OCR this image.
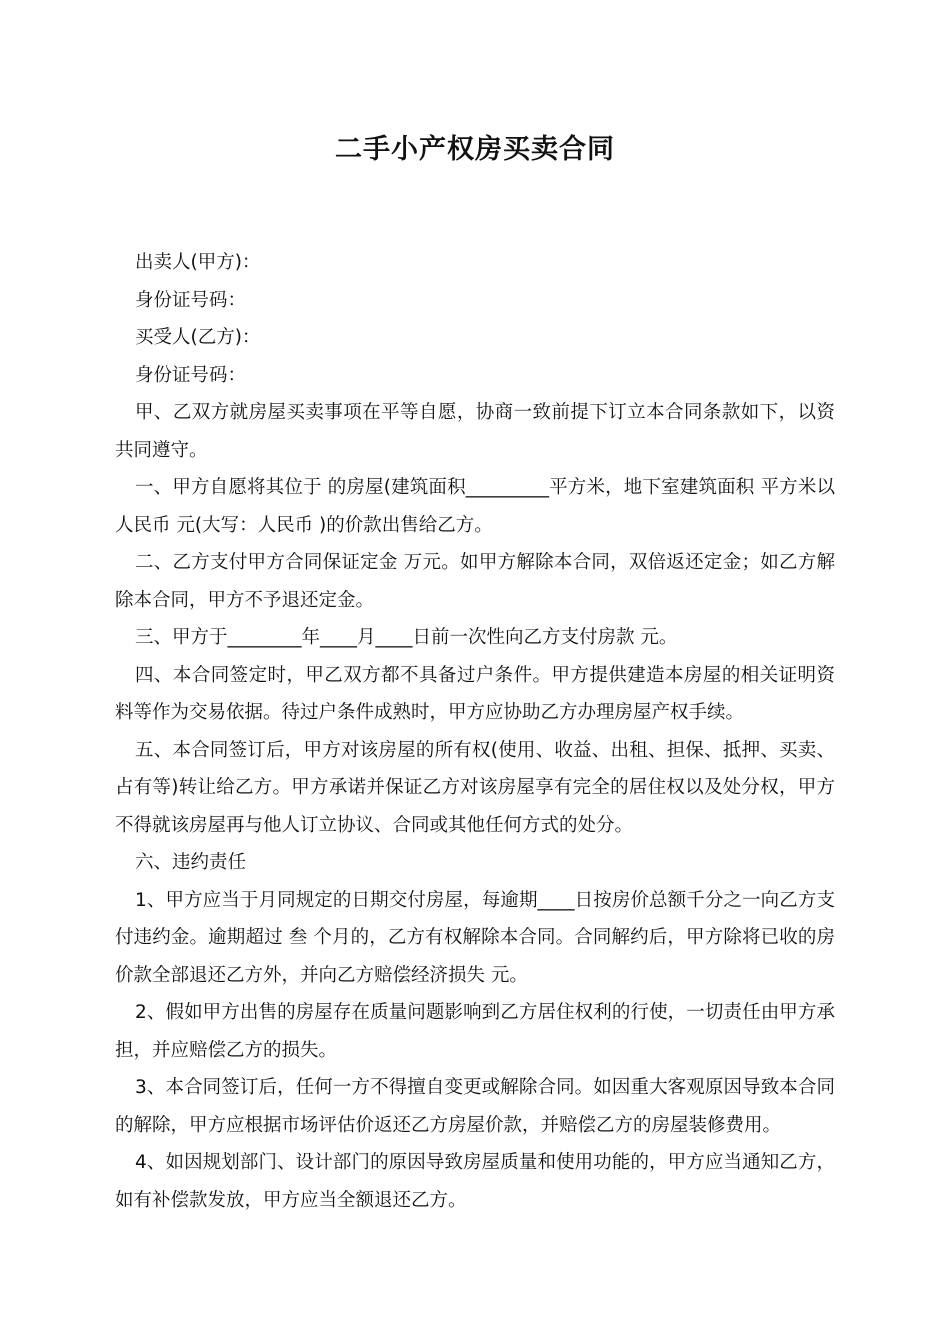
二手小产权房买卖合同

出卖人(甲方)：

身份证号码：

买受人(乙方)：

身份证号码：

甲、乙双方就房屋买卖事项在平等自愿，协商一致前提下订立本合同条款如下，以资共同遵守。

一、甲方自愿将其位于 的房屋(建筑面积_________平方米，地下室建筑面积 平方米以人民币 元(大写：人民币 )的价款出售给乙方。

二、乙方支付甲方合同保证定金 万元。如甲方解除本合同，双倍返还定金；如乙方解除本合同，甲方不予退还定金。

三、甲方于________年____月____日前一次性向乙方支付房款 元。

四、本合同签定时，甲乙双方都不具备过户条件。甲方提供建造本房屋的相关证明资料等作为交易依据。待过户条件成熟时，甲方应协助乙方办理房屋产权手续。

五、本合同签订后，甲方对该房屋的所有权(使用、收益、出租、担保、抵押、买卖、占有等)转让给乙方。甲方承诺并保证乙方对该房屋享有完全的居住权以及处分权，甲方不得就该房屋再与他人订立协议、合同或其他任何方式的处分。

六、违约责任

1、甲方应当于月同规定的日期交付房屋，每逾期____日按房价总额千分之一向乙方支付违约金。逾期超过 叁 个月的，乙方有权解除本合同。合同解约后，甲方除将已收的房价款全部退还乙方外，并向乙方赔偿经济损失 元。

2、假如甲方出售的房屋存在质量问题影响到乙方居住权利的行使，一切责任由甲方承担，并应赔偿乙方的损失。

3、本合同签订后，任何一方不得擅自变更或解除合同。如因重大客观原因导致本合同的解除，甲方应根据市场评估价返还乙方房屋价款，并赔偿乙方的房屋装修费用。

4、如因规划部门、设计部门的原因导致房屋质量和使用功能的，甲方应当通知乙方，如有补偿款发放，甲方应当全额退还乙方。
